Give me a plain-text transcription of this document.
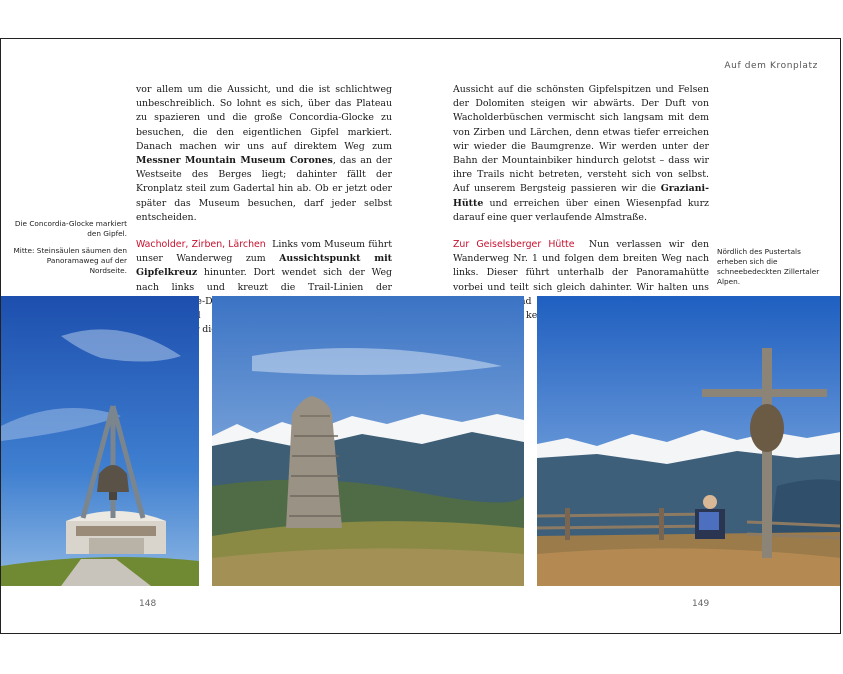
Auf dem Kronplatz

vor allem um die Aussicht, und die ist schlichtweg unbeschreiblich. So lohnt es sich, über das Plateau zu spazieren und die große Concordia-Glocke zu besuchen, die den eigentlichen Gipfel markiert. Danach machen wir uns auf direktem Weg zum Messner Mountain Museum Corones, das an der Westseite des Berges liegt; dahinter fällt der Kronplatz steil zum Gadertal hin ab. Ob er jetzt oder später das Museum besuchen, darf jeder selbst entscheiden.

Wacholder, Zirben, Lärchen Links vom Museum führt unser Wanderweg zum Aussichtspunkt mit Gipfelkreuz hinunter. Dort wendet sich der Weg nach links und kreuzt die Trail-Linien der die

Die Concordia-Glocke markiert den Gipfel.

Mitte: Steinsäulen säumen den Panoramaweg auf der Nordseite.

Aussicht auf die schönsten Gipfelspitzen und Felsen der Dolomiten steigen wir abwärts. Der Duft von Wacholderbüschen vermischt sich langsam mit dem von Zirben und Lärchen, denn etwas tiefer erreichen wir wieder die Baumgrenze. Wir werden unter der Bahn der Mountainbiker hindurch gelotst – dass wir ihre Trails nicht betreten, versteht sich von selbst. Auf unserem Bergsteig passieren wir die Graziani-Hütte und erreichen über einen Wiesenpfad kurz darauf eine quer verlaufende Almstraße.

Zur Geiselsberger Hütte Nun verlassen wir den Wanderweg Nr. 1 und folgen dem breiten Weg nach links. Dieser führt unterhalb der Panoramahütte vorbei und teilt sich gleich dahinter. Wir halten uns kein

Nördlich des Pustertals erheben sich die schneebedeckten Zillertaler Alpen.

148	149
